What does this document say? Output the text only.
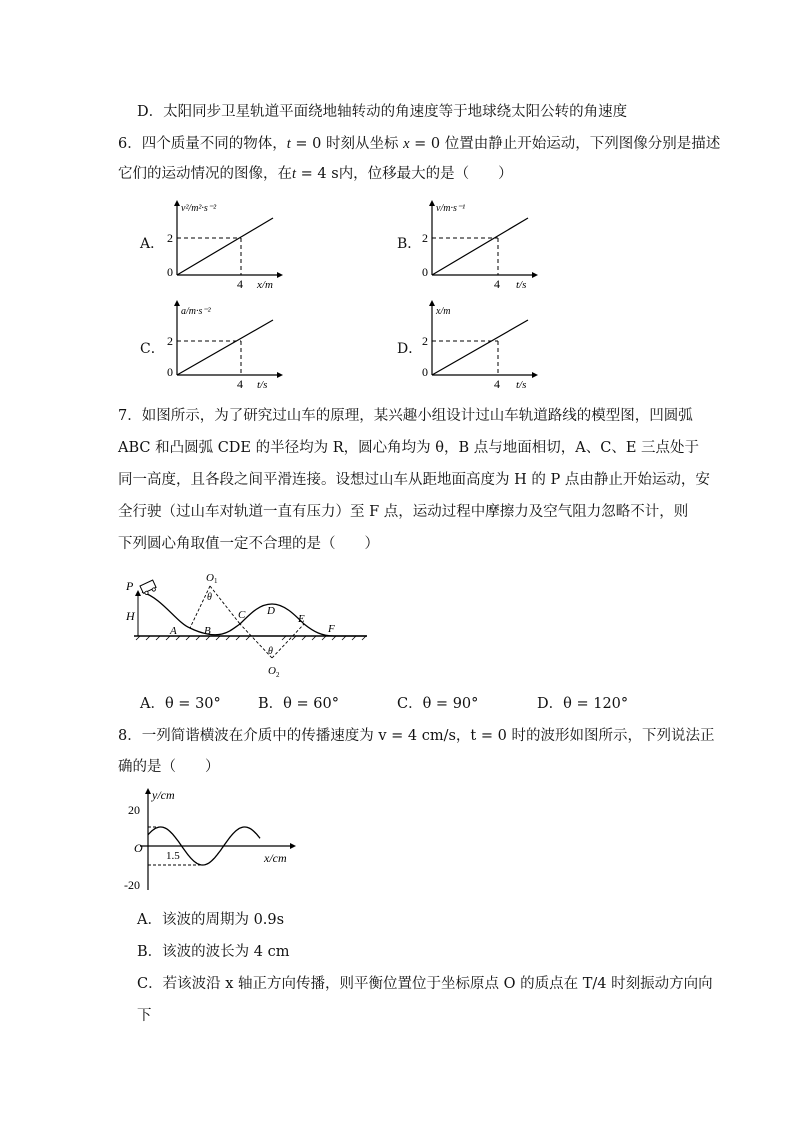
D．太阳同步卫星轨道平面绕地轴转动的角速度等于地球绕太阳公转的角速度
6．四个质量不同的物体，t = 0 时刻从坐标 x = 0 位置由静止开始运动，下列图像分别是描述
它们的运动情况的图像，在t = 4 s内，位移最大的是（　　）
A．
v²/m²·s⁻²
2
0
4 x/m
B．
v/m·s⁻¹
2
0
4 t/s
C．
a/m·s⁻²
2
0
4 t/s
D．
x/m
2
0
4 t/s
7．如图所示，为了研究过山车的原理，某兴趣小组设计过山车轨道路线的模型图，凹圆弧
ABC 和凸圆弧 CDE 的半径均为 R，圆心角均为 θ，B 点与地面相切，A、C、E 三点处于
同一高度，且各段之间平滑连接。设想过山车从距地面高度为 H 的 P 点由静止开始运动，安
全行驶（过山车对轨道一直有压力）至 F 点，运动过程中摩擦力及空气阻力忽略不计，则
下列圆心角取值一定不合理的是（　　）
P
H
A B
C D
E
F
O 1
θ
θ
O 2
A．θ = 30°	B．θ = 60°	C．θ = 90°	D．θ = 120°
8．一列简谐横波在介质中的传播速度为 v = 4 cm/s，t = 0 时的波形如图所示，下列说法正
确的是（　　）
y/cm
20
-20
O
1.5	x/cm
A．该波的周期为 0.9s
B．该波的波长为 4 cm
C．若该波沿 x 轴正方向传播，则平衡位置位于坐标原点 O 的质点在 T/4 时刻振动方向向
下
